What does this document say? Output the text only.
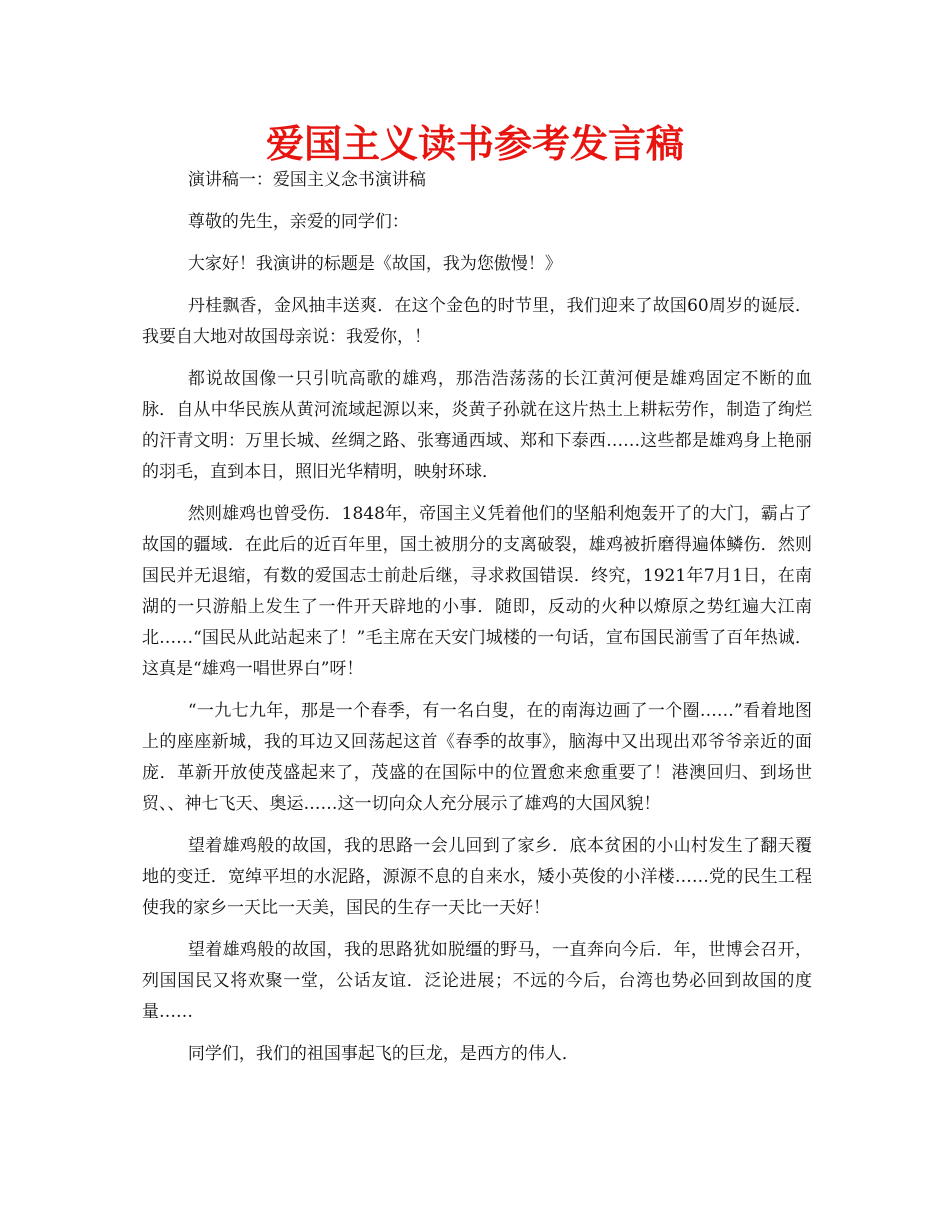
爱国主义读书参考发言稿

演讲稿一：爱国主义念书演讲稿

尊敬的先生，亲爱的同学们：

大家好！我演讲的标题是《故国，我为您傲慢！》

丹桂飘香，金风抽丰送爽．在这个金色的时节里，我们迎来了故国60周岁的诞辰．我要自大地对故国母亲说：我爱你，！

都说故国像一只引吭高歌的雄鸡，那浩浩荡荡的长江黄河便是雄鸡固定不断的血脉．自从中华民族从黄河流域起源以来，炎黄子孙就在这片热土上耕耘劳作，制造了绚烂的汗青文明：万里长城、丝绸之路、张骞通西域、郑和下泰西……这些都是雄鸡身上艳丽的羽毛，直到本日，照旧光华精明，映射环球．

然则雄鸡也曾受伤．1848年，帝国主义凭着他们的坚船利炮轰开了的大门，霸占了故国的疆域．在此后的近百年里，国土被朋分的支离破裂，雄鸡被折磨得遍体鳞伤．然则国民并无退缩，有数的爱国志士前赴后继，寻求救国错误．终究，1921年7月1日，在南湖的一只游船上发生了一件开天辟地的小事．随即，反动的火种以燎原之势红遍大江南北……“国民从此站起来了！”毛主席在天安门城楼的一句话，宣布国民湔雪了百年热诚．这真是“雄鸡一唱世界白”呀！

“一九七九年，那是一个春季，有一名白叟，在的南海边画了一个圈……”看着地图上的座座新城，我的耳边又回荡起这首《春季的故事》，脑海中又出现出邓爷爷亲近的面庞．革新开放使茂盛起来了，茂盛的在国际中的位置愈来愈重要了！港澳回归、到场世贸、、神七飞天、奥运……这一切向众人充分展示了雄鸡的大国风貌！

望着雄鸡般的故国，我的思路一会儿回到了家乡．底本贫困的小山村发生了翻天覆地的变迁．宽绰平坦的水泥路，源源不息的自来水，矮小英俊的小洋楼……党的民生工程使我的家乡一天比一天美，国民的生存一天比一天好！

望着雄鸡般的故国，我的思路犹如脱缰的野马，一直奔向今后．年，世博会召开，列国国民又将欢聚一堂，公话友谊．泛论进展；不远的今后，台湾也势必回到故国的度量……

同学们，我们的祖国事起飞的巨龙，是西方的伟人．
